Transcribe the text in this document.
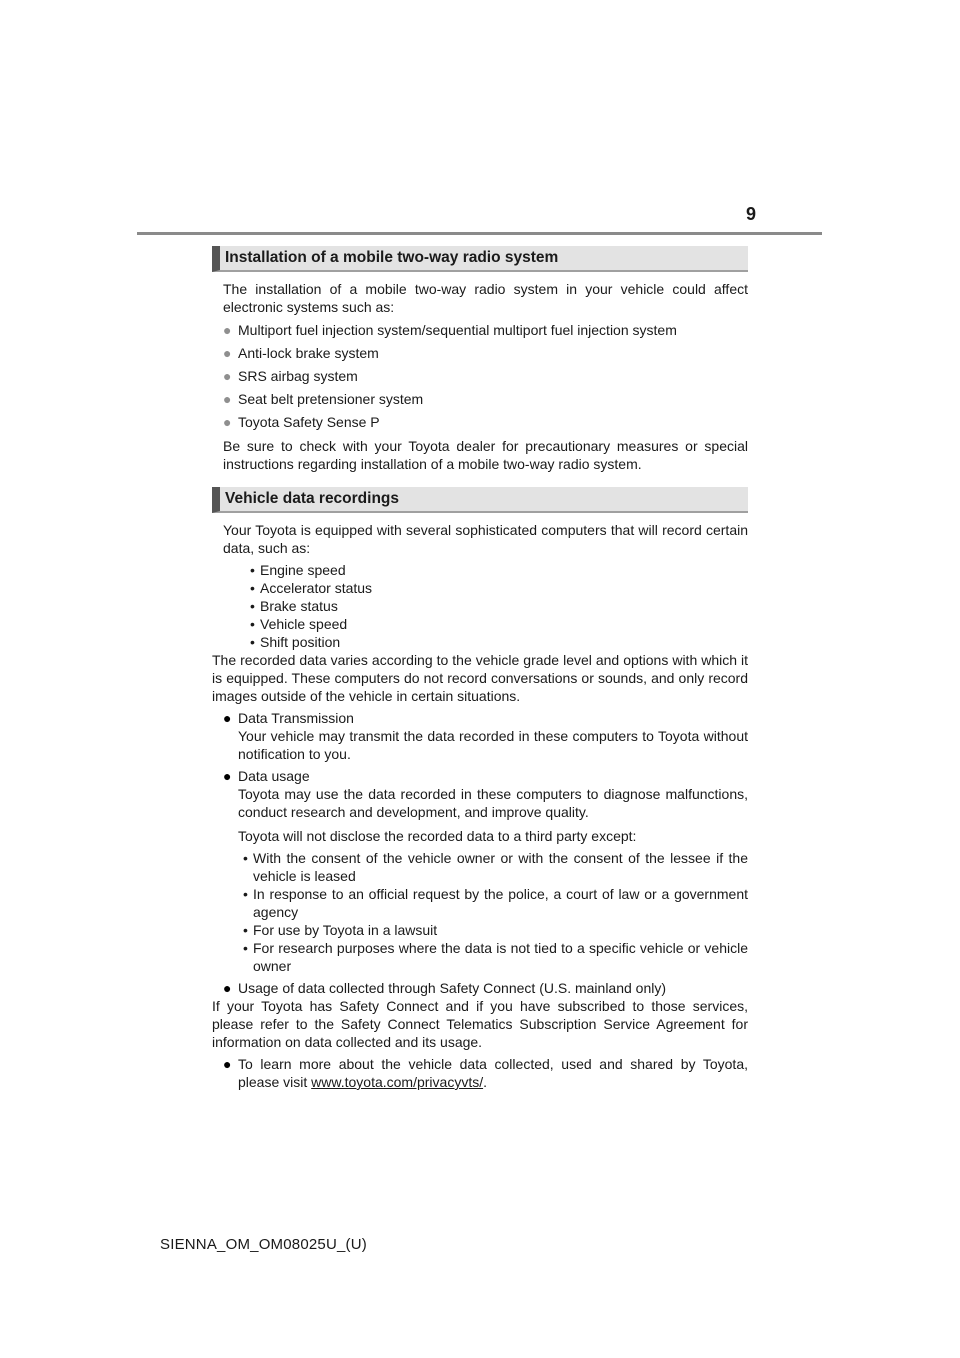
9
Installation of a mobile two-way radio system

The installation of a mobile two-way radio system in your vehicle could affect electronic systems such as:

● Multiport fuel injection system/sequential multiport fuel injection system
● Anti-lock brake system
● SRS airbag system
● Seat belt pretensioner system
● Toyota Safety Sense P

Be sure to check with your Toyota dealer for precautionary measures or special instructions regarding installation of a mobile two-way radio system.

Vehicle data recordings

Your Toyota is equipped with several sophisticated computers that will record certain data, such as:

• Engine speed
• Accelerator status
• Brake status
• Vehicle speed
• Shift position

The recorded data varies according to the vehicle grade level and options with which it is equipped. These computers do not record conversations or sounds, and only record images outside of the vehicle in certain situations.

● Data Transmission

Your vehicle may transmit the data recorded in these computers to Toyota without notification to you.

● Data usage

Toyota may use the data recorded in these computers to diagnose malfunctions, conduct research and development, and improve quality.

Toyota will not disclose the recorded data to a third party except:

• With the consent of the vehicle owner or with the consent of the lessee if the vehicle is leased
• In response to an official request by the police, a court of law or a government agency
• For use by Toyota in a lawsuit
• For research purposes where the data is not tied to a specific vehicle or vehicle owner
● Usage of data collected through Safety Connect (U.S. mainland only)

If your Toyota has Safety Connect and if you have subscribed to those services, please refer to the Safety Connect Telematics Subscription Service Agreement for information on data collected and its usage.

● To learn more about the vehicle data collected, used and shared by Toyota, please visit www.toyota.com/privacyvts/.

SIENNA_OM_OM08025U_(U)
